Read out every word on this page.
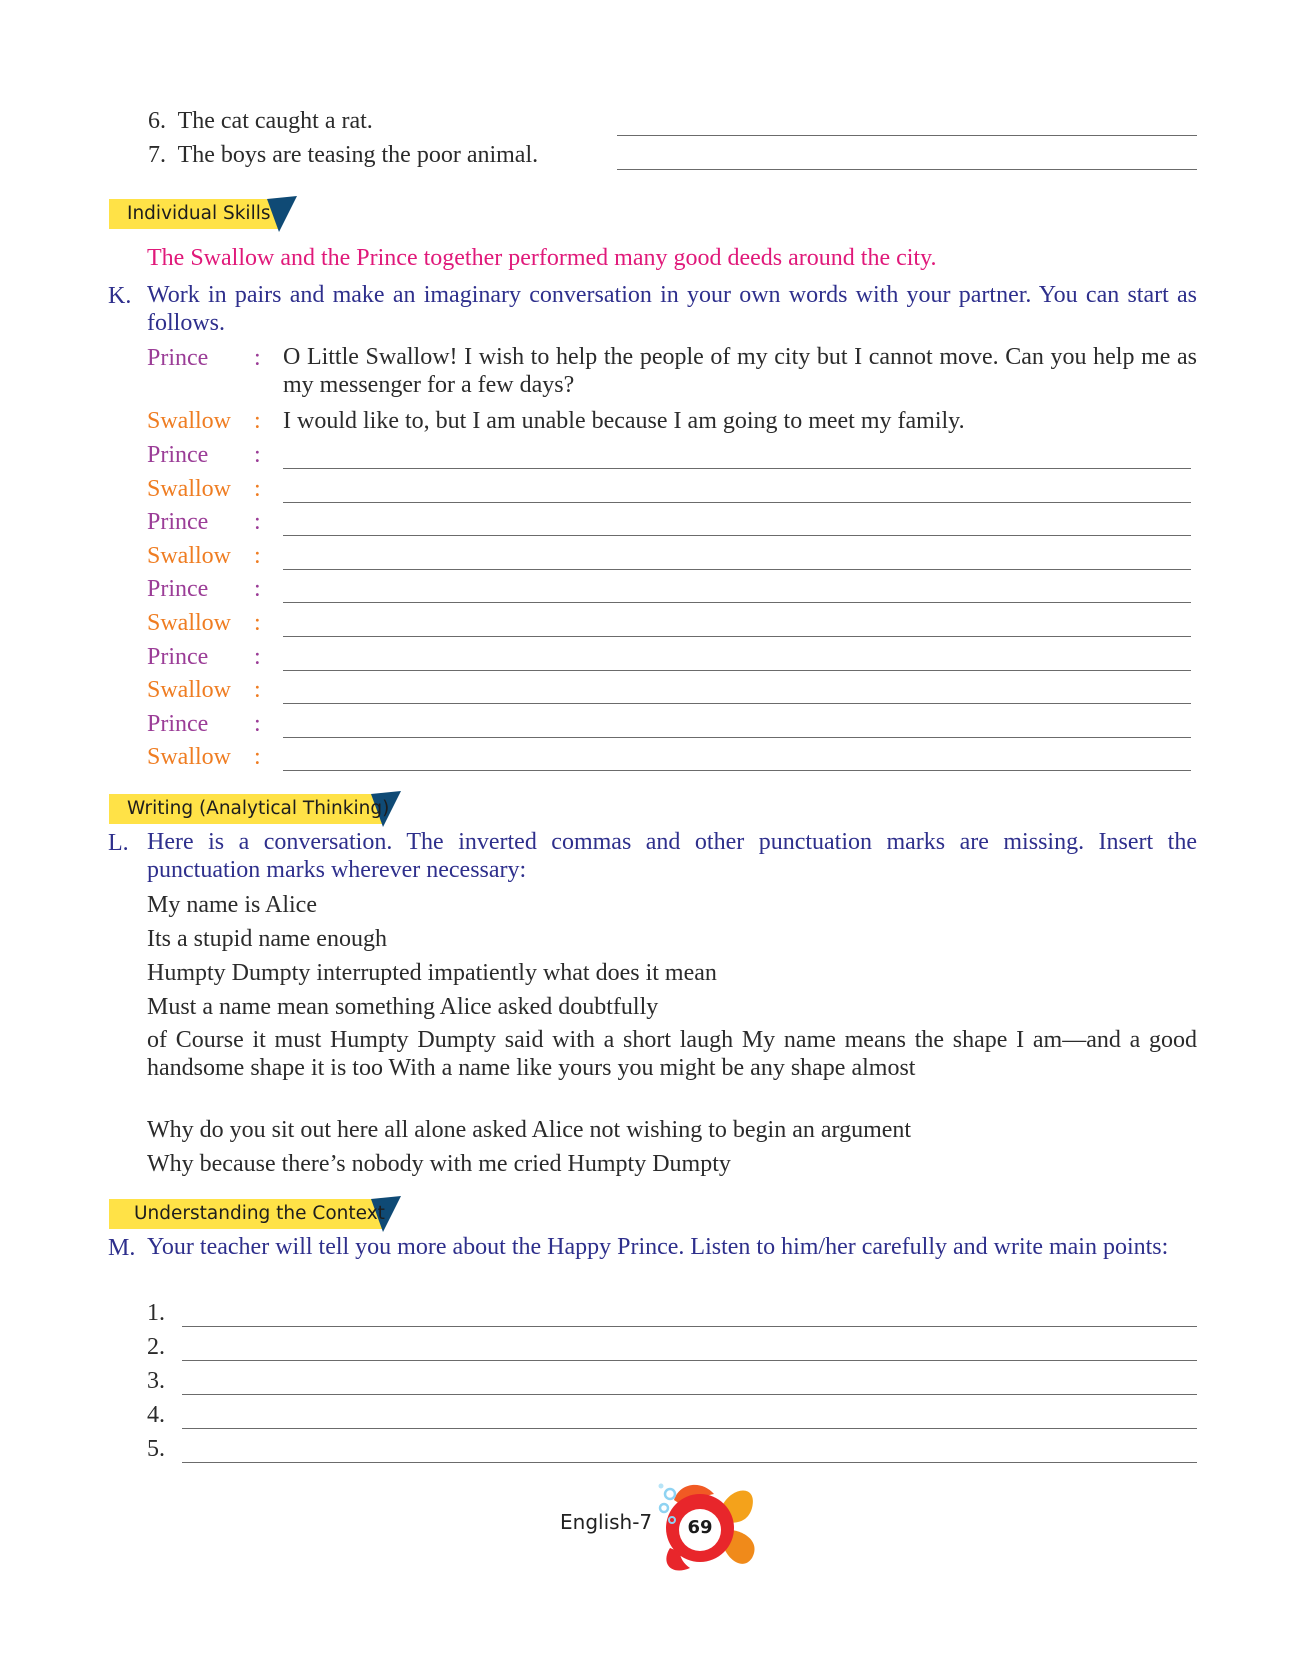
6. The cat caught a rat.
7. The boys are teasing the poor animal.
Individual Skills
The Swallow and the Prince together performed many good deeds around the city.
K. Work in pairs and make an imaginary conversation in your own words with your partner. You can start as follows.
Prince : O Little Swallow! I wish to help the people of my city but I cannot move. Can you help me as my messenger for a few days?
Swallow : I would like to, but I am unable because I am going to meet my family.
Prince :
Swallow :
Prince :
Swallow :
Prince :
Swallow :
Prince :
Swallow :
Prince :
Swallow :
Writing (Analytical Thinking)
L. Here is a conversation. The inverted commas and other punctuation marks are missing. Insert the punctuation marks wherever necessary:
My name is Alice
Its a stupid name enough
Humpty Dumpty interrupted impatiently what does it mean
Must a name mean something Alice asked doubtfully
of Course it must Humpty Dumpty said with a short laugh My name means the shape I am—and a good handsome shape it is too With a name like yours you might be any shape almost
Why do you sit out here all alone asked Alice not wishing to begin an argument
Why because there’s nobody with me cried Humpty Dumpty
Understanding the Context
M. Your teacher will tell you more about the Happy Prince. Listen to him/her carefully and write main points:
1.
2.
3.
4.
5.
English-7	69
